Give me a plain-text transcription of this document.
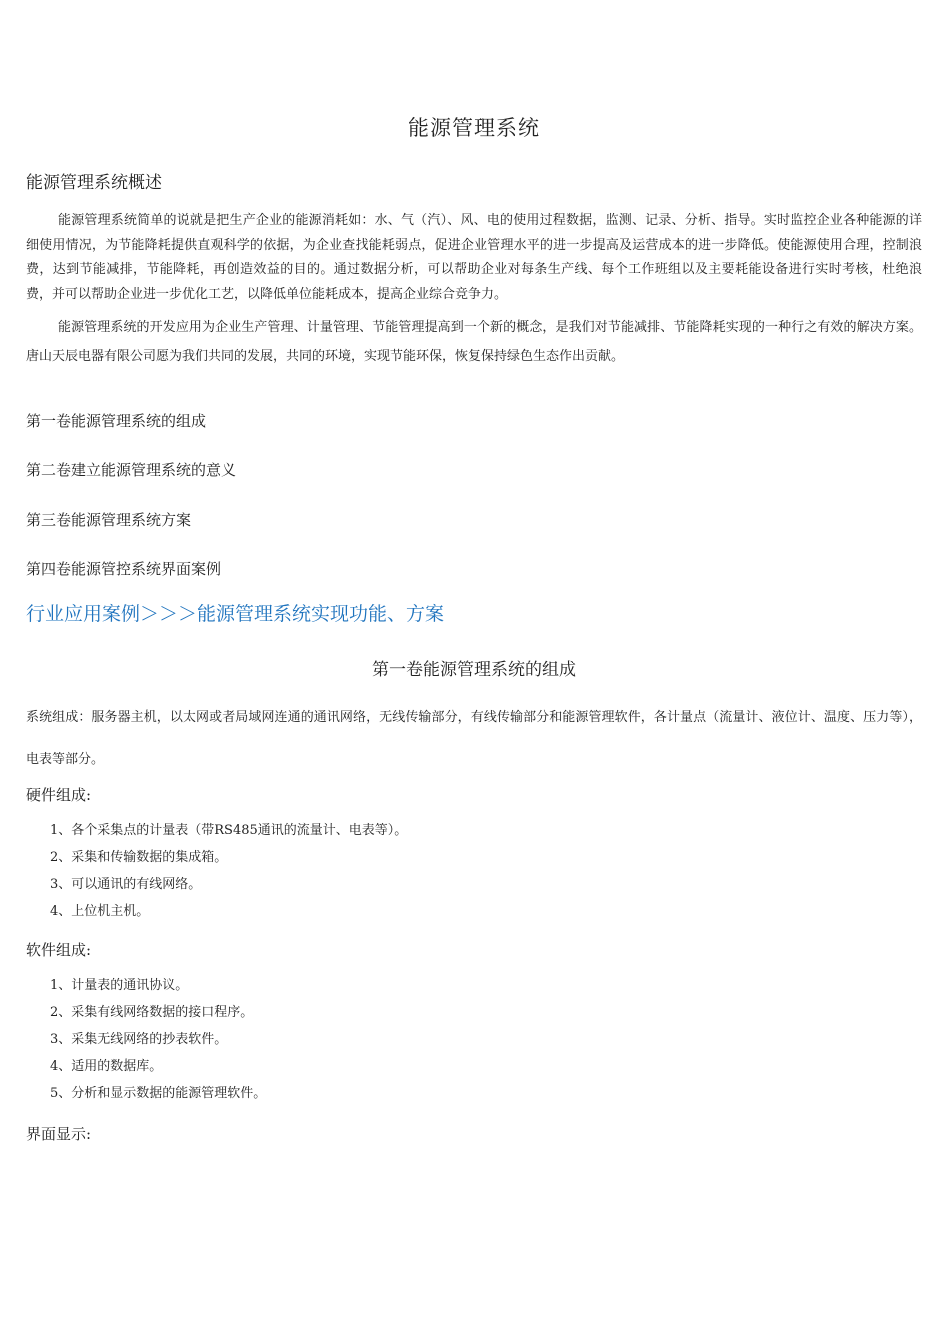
能源管理系统
能源管理系统概述

能源管理系统简单的说就是把生产企业的能源消耗如：水、气（汽）、风、电的使用过程数据，监测、记录、分析、指导。实时监控企业各种能源的详细使用情况，为节能降耗提供直观科学的依据，为企业查找能耗弱点，促进企业管理水平的进一步提高及运营成本的进一步降低。使能源使用合理，控制浪费，达到节能减排，节能降耗，再创造效益的目的。通过数据分析，可以帮助企业对每条生产线、每个工作班组以及主要耗能设备进行实时考核，杜绝浪费，并可以帮助企业进一步优化工艺，以降低单位能耗成本，提高企业综合竞争力。

能源管理系统的开发应用为企业生产管理、计量管理、节能管理提高到一个新的概念，是我们对节能减排、节能降耗实现的一种行之有效的解决方案。唐山天辰电器有限公司愿为我们共同的发展，共同的环境，实现节能环保，恢复保持绿色生态作出贡献。

第一卷能源管理系统的组成

第二卷建立能源管理系统的意义

第三卷能源管理系统方案

第四卷能源管控系统界面案例

行业应用案例＞＞＞能源管理系统实现功能、方案
第一卷能源管理系统的组成

系统组成：服务器主机，以太网或者局域网连通的通讯网络，无线传输部分，有线传输部分和能源管理软件，各计量点（流量计、液位计、温度、压力等），电表等部分。

硬件组成:

1、各个采集点的计量表（带RS485通讯的流量计、电表等）。
2、采集和传输数据的集成箱。
3、可以通讯的有线网络。
4、上位机主机。

软件组成:

1、计量表的通讯协议。
2、采集有线网络数据的接口程序。
3、采集无线网络的抄表软件。
4、适用的数据库。
5、分析和显示数据的能源管理软件。

界面显示:
